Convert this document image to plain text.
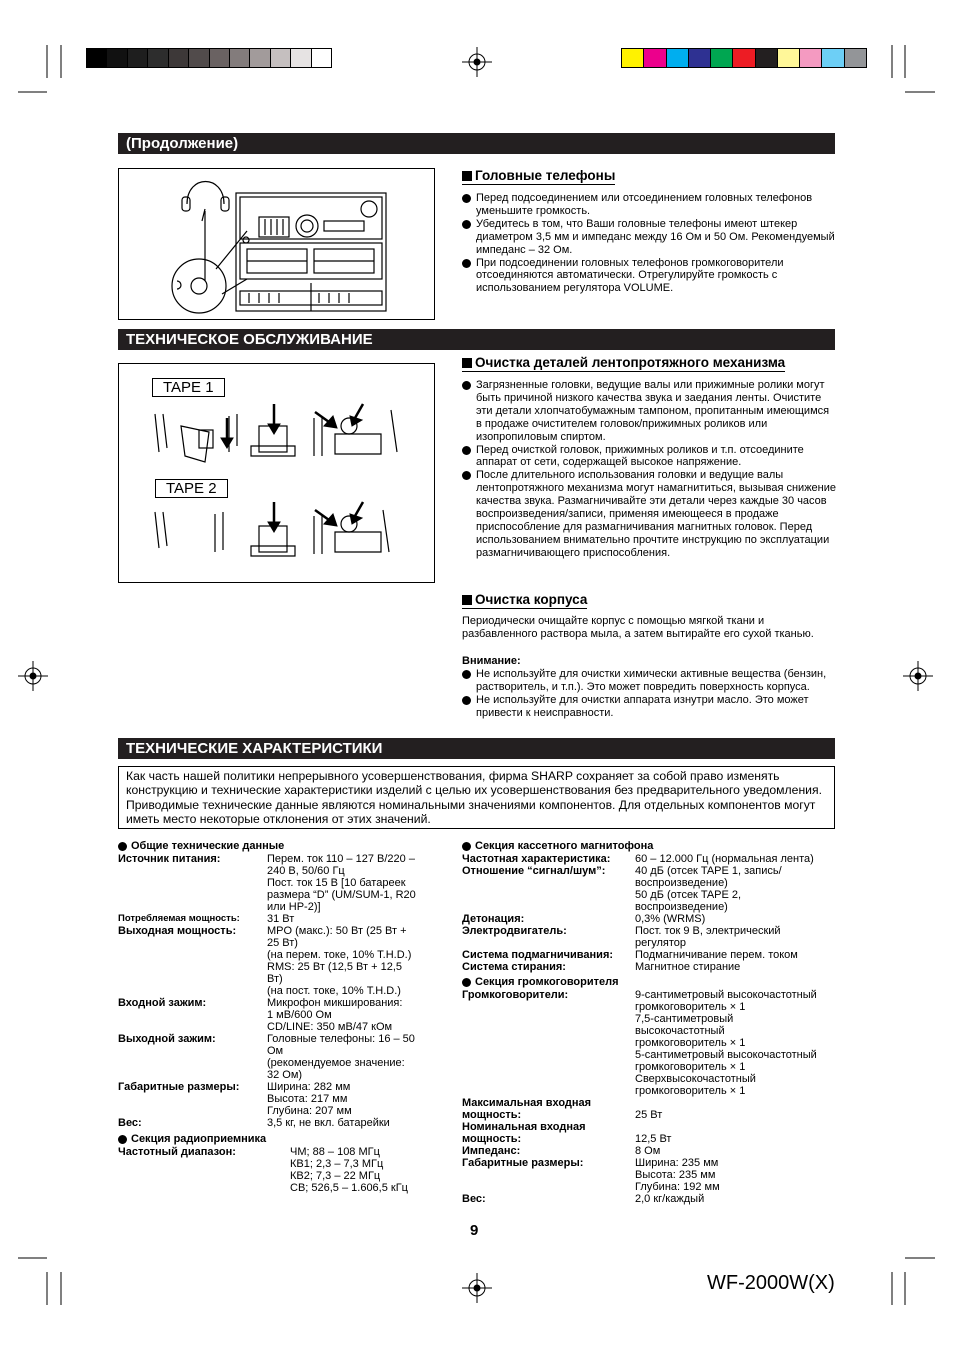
(Продолжение)
Головные телефоны
Перед подсоединением или отсоединением головных телефонов уменьшите громкость.
Убедитесь в том, что Ваши головные телефоны имеют штекер диаметром 3,5 мм и импеданс между 16 Ом и 50 Ом. Рекомендуемый импеданс – 32 Ом.
При подсоединении головных телефонов громкоговорители отсоединяются автоматически. Отрегулируйте громкость с использованием регулятора VOLUME.
ТЕХНИЧЕСКОЕ ОБСЛУЖИВАНИЕ
TAPE 1
TAPE 2
Очистка деталей лентопротяжного механизма
Загрязненные головки, ведущие валы или прижимные ролики могут быть причиной низкого качества звука и заедания ленты. Очистите эти детали хлопчатобумажным тампоном, пропитанным имеющимся в продаже очистителем головок/прижимных роликов или изопропиловым спиртом.
Перед очисткой головок, прижимных роликов и т.п. отсоедините аппарат от сети, содержащей высокое напряжение.
После длительного использования головки и ведущие валы лентопротяжного механизма могут намагнититься, вызывая снижение качества звука. Размагничивайте эти детали через каждые 30 часов воспроизведения/записи, применяя имеющееся в продаже приспособление для размагничивания магнитных головок. Перед использованием внимательно прочтите инструкцию по эксплуатации размагничивающего приспособления.
Очистка корпуса
Периодически очищайте корпус с помощью мягкой ткани и разбавленного раствора мыла, а затем вытирайте его сухой тканью.
Внимание:
Не используйте для очистки химически активные вещества (бензин, растворитель, и т.п.). Это может повредить поверхность корпуса.
Не используйте для очистки аппарата изнутри масло. Это может привести к неисправности.
ТЕХНИЧЕСКИЕ ХАРАКТЕРИСТИКИ
Как часть нашей политики непрерывного усовершенствования, фирма SHARP сохраняет за собой право изменять конструкцию и технические характеристики изделий с целью их усовершенствования без предварительного уведомления. Приводимые технические данные являются номинальными значениями компонентов. Для отдельных компонентов могут иметь место некоторые отклонения от этих значений.
Общие технические данные
Источник питания:	Перем. ток 110 – 127 В/220 –
240 В, 50/60 Гц
Пост. ток 15 В [10 батареек
размера “D” (UM/SUM-1, R20
или HP-2)]
Потребляемая мощность:	31 Вт
Выходная мощность:	MPO (макс.): 50 Вт (25 Вт +
25 Вт)
(на перем. токе, 10% T.H.D.)
RMS: 25 Вт (12,5 Вт + 12,5
Вт)
(на пост. токе, 10% T.H.D.)
Входной зажим:	Микрофон микширования:
1 мВ/600 Ом
CD/LINE: 350 мВ/47 кОм
Выходной зажим:	Головные телефоны: 16 – 50
Ом
(рекомендуемое значение:
32 Ом)
Габаритные размеры:	Ширина: 282 мм
Высота: 217 мм
Глубина: 207 мм
Вес:	3,5 кг, не вкл. батарейки
Секция радиоприемника
Частотный диапазон:	ЧМ; 88 – 108 МГц
КВ1; 2,3 – 7,3 МГц
КВ2; 7,3 – 22 МГц
СВ; 526,5 – 1.606,5 кГц
Секция кассетного магнитофона
Частотная характеристика:	60 – 12.000 Гц (нормальная лента)
Отношение “сигнал/шум”:	40 дБ (отсек TAPE 1, запись/
воспроизведение)
50 дБ (отсек TAPE 2,
воспроизведение)
Детонация:	0,3% (WRMS)
Электродвигатель:	Пост. ток 9 В, электрический
регулятор
Система подмагничивания:	Подмагничивание перем. током
Система стирания:	Магнитное стирание
Секция громкоговорителя
Громкоговорители:	9-сантиметровый высокочастотный
громкоговоритель × 1
7,5-сантиметровый
высокочастотный
громкоговоритель × 1
5-сантиметровый высокочастотный
громкоговоритель × 1
Сверхвысокочастотный
громкоговоритель × 1
Максимальная входная
мощность:	
25 Вт
Номинальная входная
мощность:	
12,5 Вт
Импеданс:	8 Ом
Габаритные размеры:	Ширина: 235 мм
Высота: 235 мм
Глубина: 192 мм
Вес:	2,0 кг/каждый
9
WF-2000W(X)
